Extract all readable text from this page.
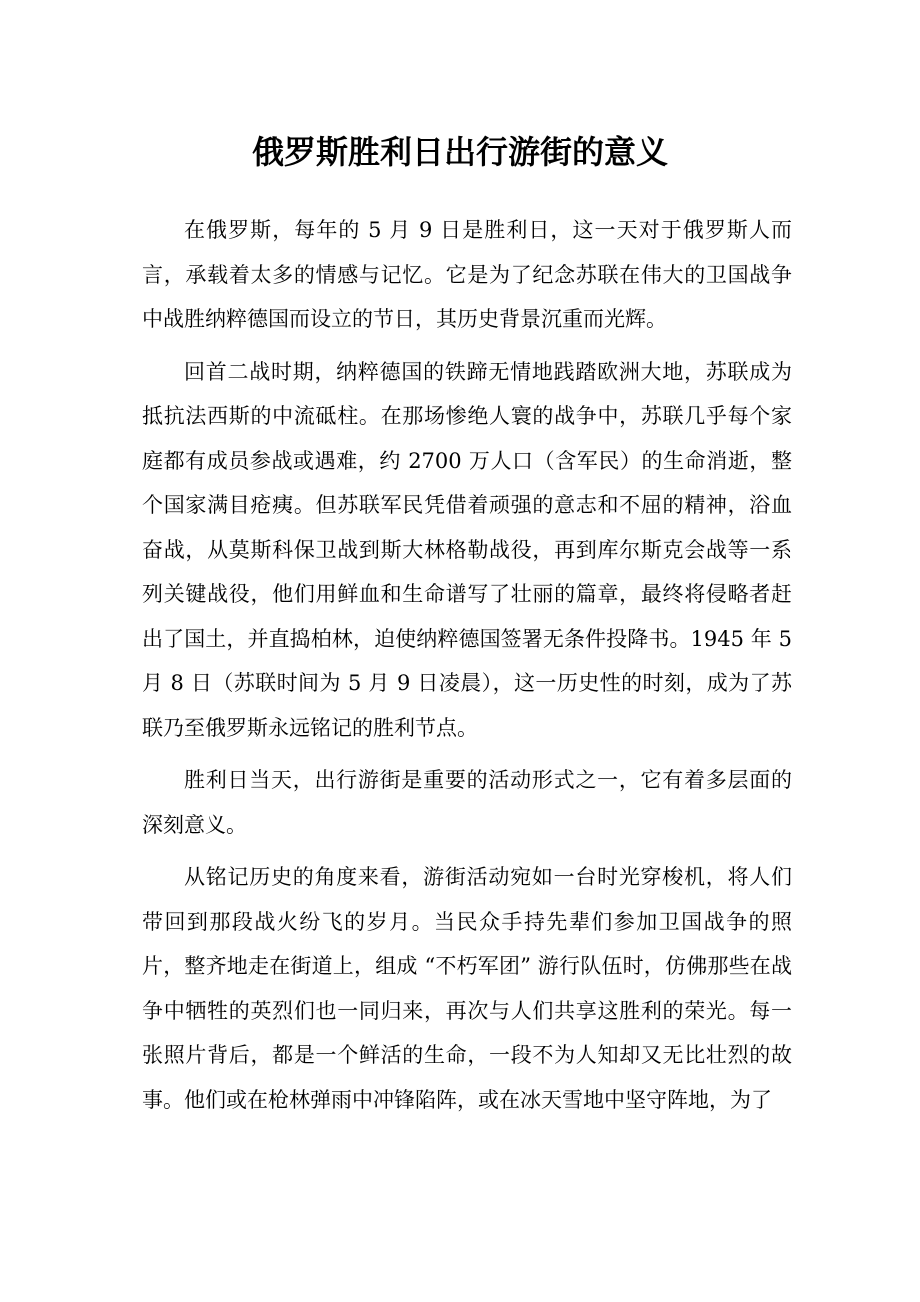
俄罗斯胜利日出行游街的意义

在俄罗斯，每年的 5 月 9 日是胜利日，这一天对于俄罗斯人而言，承载着太多的情感与记忆。它是为了纪念苏联在伟大的卫国战争中战胜纳粹德国而设立的节日，其历史背景沉重而光辉。

回首二战时期，纳粹德国的铁蹄无情地践踏欧洲大地，苏联成为抵抗法西斯的中流砥柱。在那场惨绝人寰的战争中，苏联几乎每个家庭都有成员参战或遇难，约 2700 万人口（含军民）的生命消逝，整个国家满目疮痍。但苏联军民凭借着顽强的意志和不屈的精神，浴血奋战，从莫斯科保卫战到斯大林格勒战役，再到库尔斯克会战等一系列关键战役，他们用鲜血和生命谱写了壮丽的篇章，最终将侵略者赶出了国土，并直捣柏林，迫使纳粹德国签署无条件投降书。1945 年 5 月 8 日（苏联时间为 5 月 9 日凌晨），这一历史性的时刻，成为了苏联乃至俄罗斯永远铭记的胜利节点。

胜利日当天，出行游街是重要的活动形式之一，它有着多层面的深刻意义。

从铭记历史的角度来看，游街活动宛如一台时光穿梭机，将人们带回到那段战火纷飞的岁月。当民众手持先辈们参加卫国战争的照片，整齐地走在街道上，组成 “不朽军团” 游行队伍时，仿佛那些在战争中牺牲的英烈们也一同归来，再次与人们共享这胜利的荣光。每一张照片背后，都是一个鲜活的生命，一段不为人知却又无比壮烈的故事。他们或在枪林弹雨中冲锋陷阵，或在冰天雪地中坚守阵地，为了
